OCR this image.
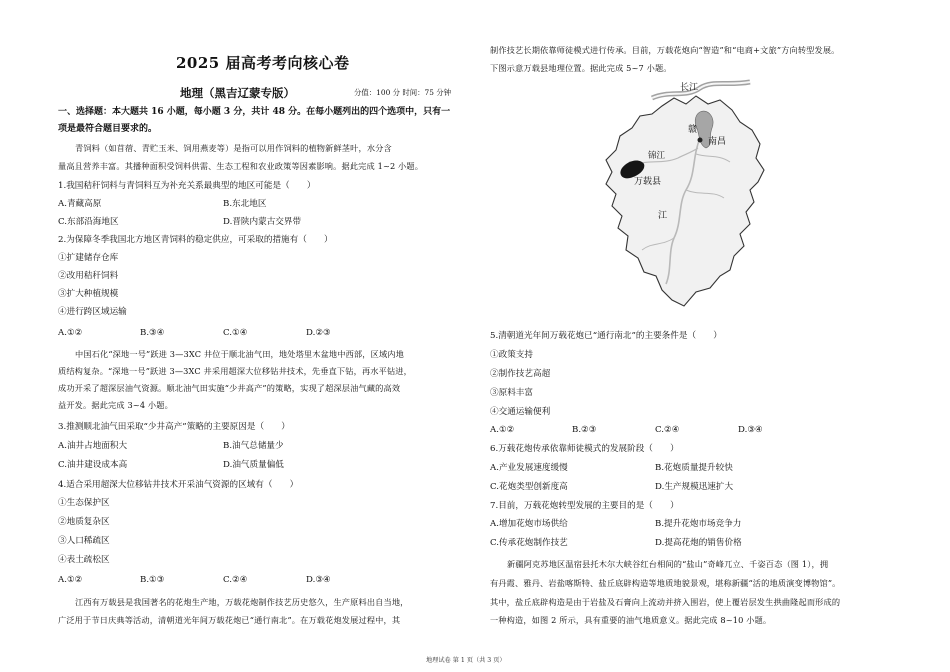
2025 届高考考向核心卷
地理（黑吉辽蒙专版）	分值：100 分 时间：75 分钟
一、选择题：本大题共 16 小题，每小题 3 分，共计 48 分。在每小题列出的四个选项中，只有一
项是最符合题目要求的。
青饲料（如苜蓿、青贮玉米、饲用燕麦等）是指可以用作饲料的植物新鲜茎叶，水分含
量高且营养丰富。其播种面积受饲料供需、生态工程和农业政策等因素影响。据此完成 1~2 小题。
1.我国秸秆饲料与青饲料互为补充关系最典型的地区可能是（　　）
A.青藏高原	B.东北地区
C.东部沿海地区	D.晋陕内蒙古交界带
2.为保障冬季我国北方地区青饲料的稳定供应，可采取的措施有（　　）
①扩建储存仓库
②改用秸秆饲料
③扩大种植规模
④进行跨区域运输
A.①②	B.③④	C.①④	D.②③
中国石化“深地一号”跃进 3—3XC 井位于顺北油气田，地处塔里木盆地中西部，区域内地
质结构复杂。“深地一号”跃进 3—3XC 井采用超深大位移钻井技术，先垂直下钻，再水平钻进，
成功开采了超深层油气资源。顺北油气田实施“少井高产”的策略，实现了超深层油气藏的高效
益开发。据此完成 3~4 小题。
3.推测顺北油气田采取“少井高产”策略的主要原因是（　　）
A.油井占地面积大	B.油气总储量少
C.油井建设成本高	D.油气质量偏低
4.适合采用超深大位移钻井技术开采油气资源的区域有（　　）
①生态保护区
②地质复杂区
③人口稀疏区
④表土疏松区
A.①②	B.①③	C.②④	D.③④
江西有万载县是我国著名的花炮生产地，万载花炮制作技艺历史悠久，生产原料出自当地，
广泛用于节日庆典等活动，清朝道光年间万载花炮已“通行南北”。在万载花炮发展过程中，其
制作技艺长期依靠师徒模式进行传承。目前，万载花炮向“智造”和“电商+文旅”方向转型发展。
下图示意万载县地理位置。据此完成 5~7 小题。
5.清朝道光年间万载花炮已“通行南北”的主要条件是（　　）
①政策支持
②制作技艺高超
③原料丰富
④交通运输便利
A.①②	B.②③	C.②④	D.③④
6.万载花炮传承依靠师徒模式的发展阶段（　　）
A.产业发展速度缓慢	B.花炮质量提升较快
C.花炮类型创新度高	D.生产规模迅速扩大
7.目前，万载花炮转型发展的主要目的是（　　）
A.增加花炮市场供给	B.提升花炮市场竞争力
C.传承花炮制作技艺	D.提高花炮的销售价格
新疆阿克苏地区温宿县托木尔大峡谷红台相间的“盐山”奇峰兀立、千姿百态（图 1），拥
有丹霞、雅丹、岩盐喀斯特、盐丘底辟构造等地质地貌景观，堪称新疆“活的地质演变博物馆”。
其中，盐丘底辟构造是由于岩盐及石膏向上流动并挤入围岩，使上覆岩层发生拱曲隆起而形成的
一种构造，如图 2 所示，具有重要的油气地质意义。据此完成 8~10 小题。
长江
赣
南昌
锦江
万载县
江
地理试卷 第 1 页（共 3 页）
